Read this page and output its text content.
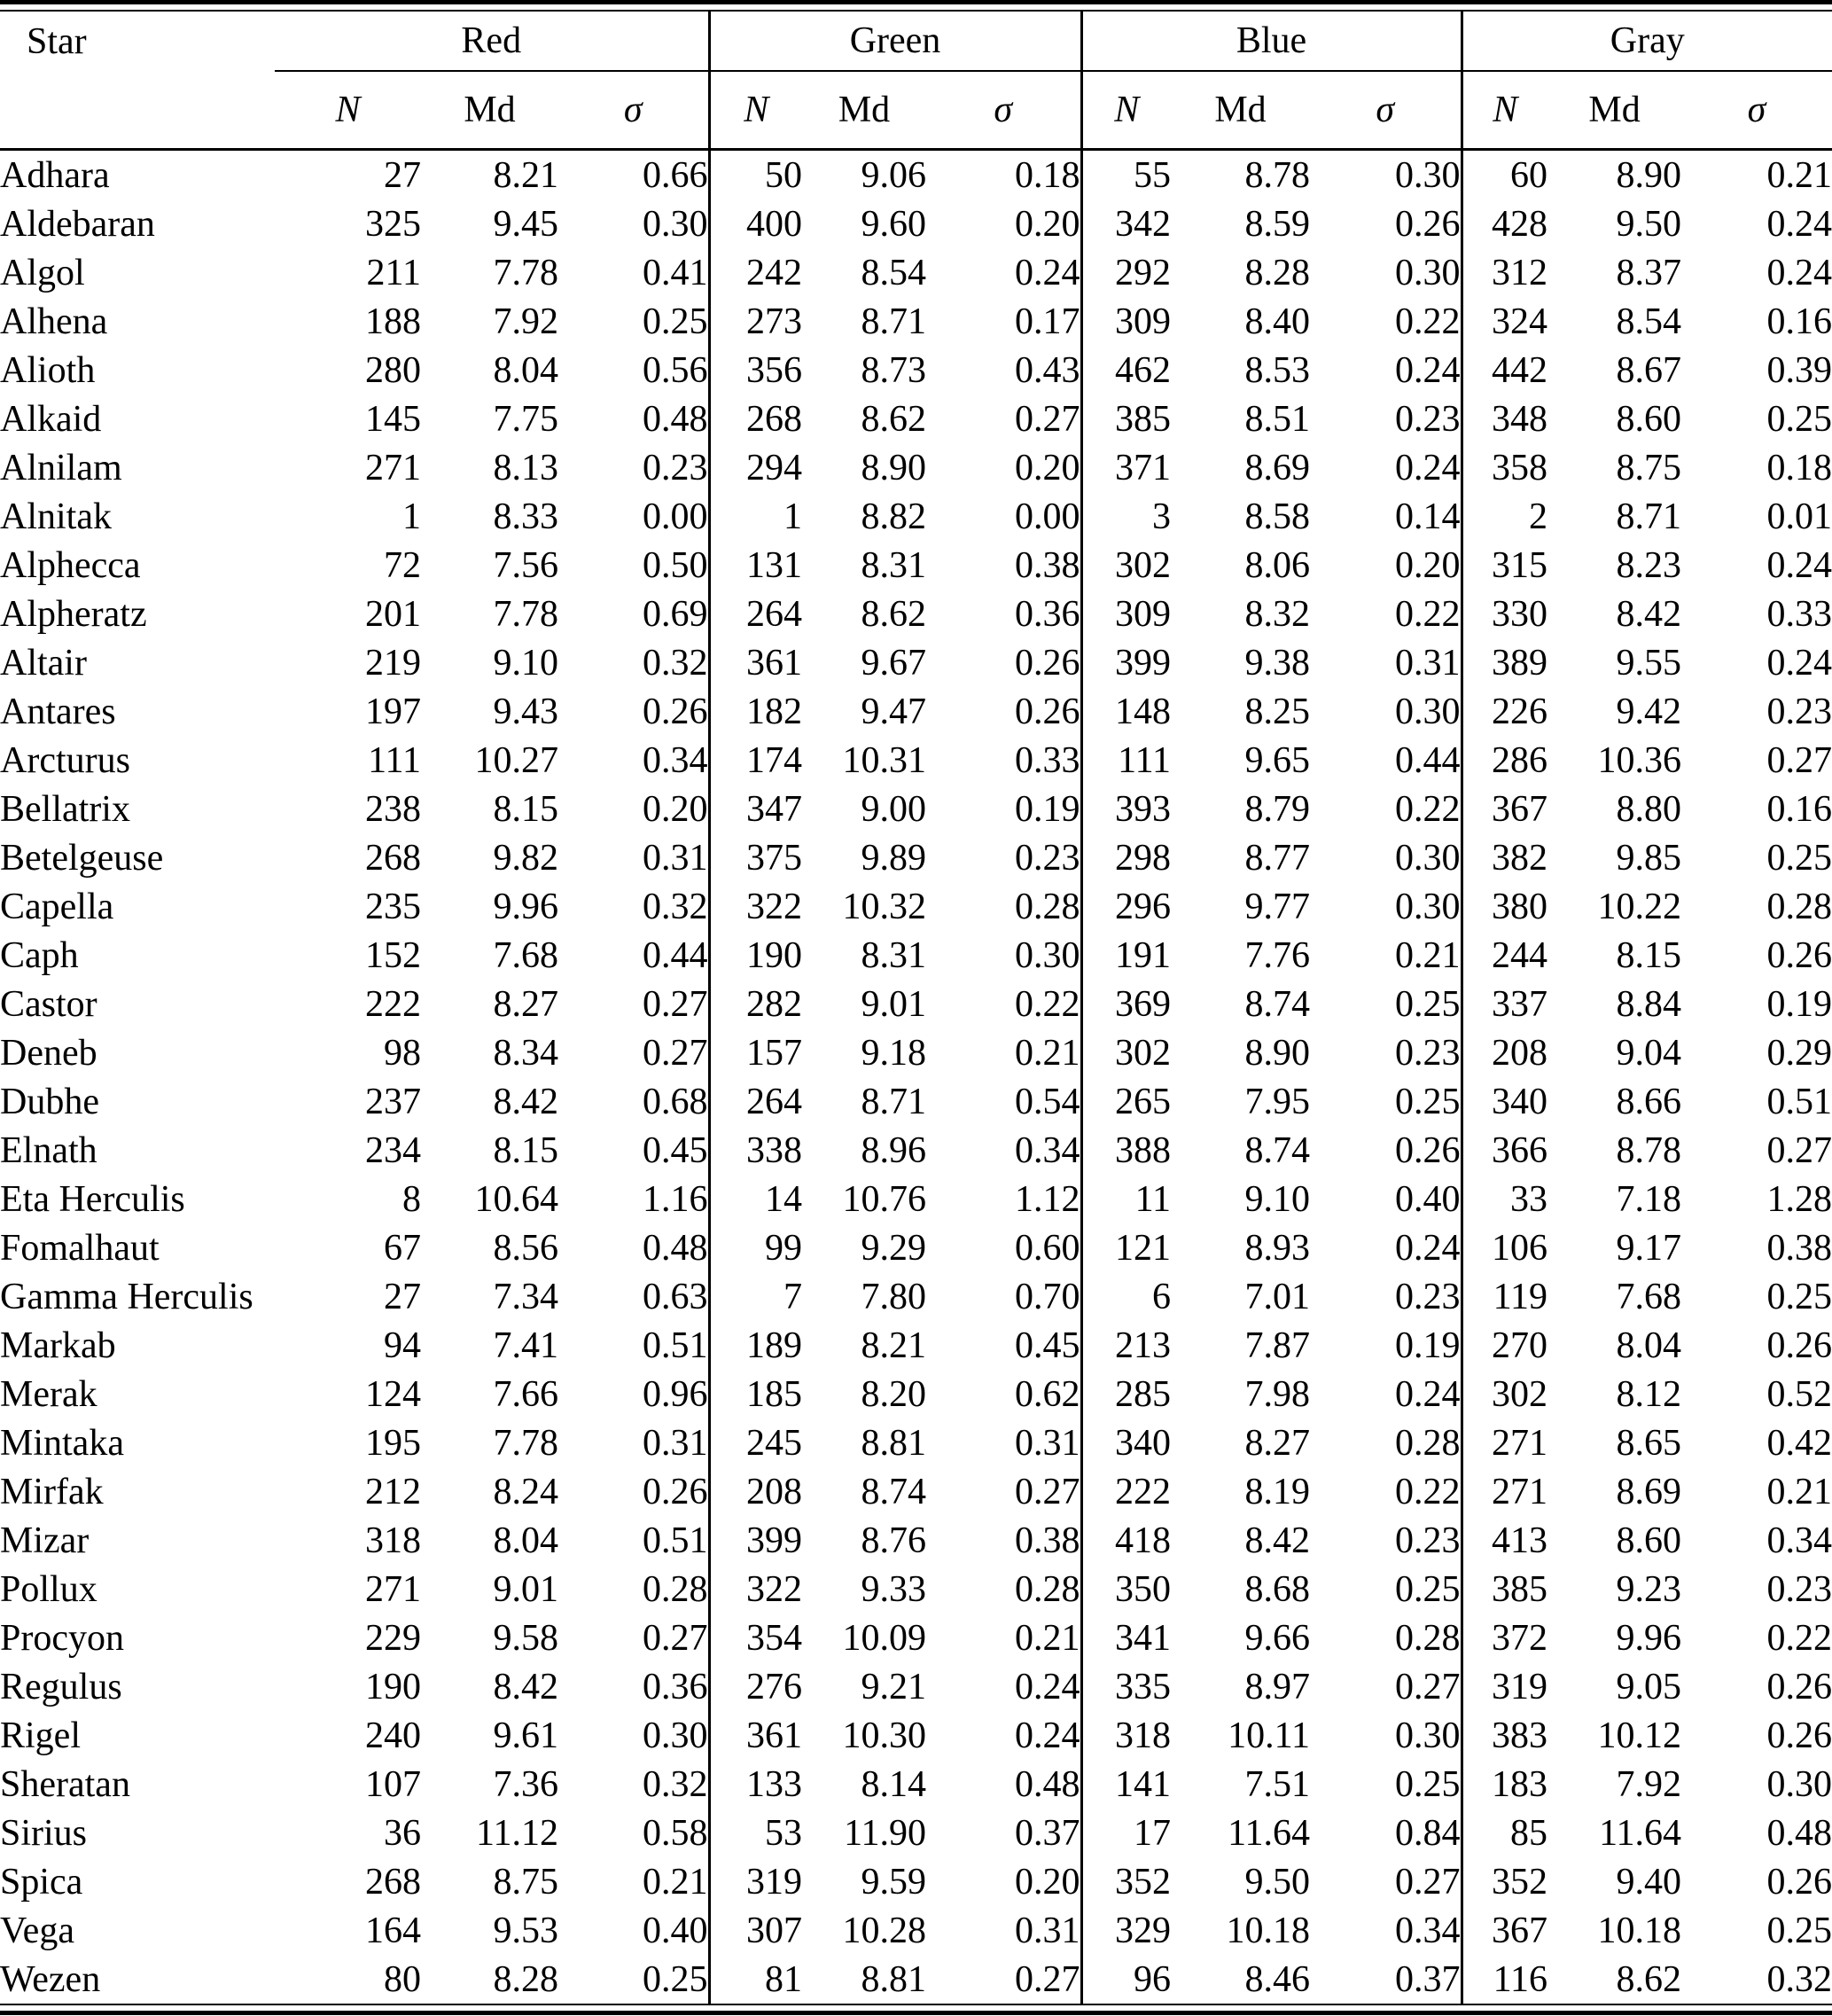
Star	Red			Green			Blue			Gray		
	N	Md	σ	N	Md	σ	N	Md	σ	N	Md	σ
Adhara	27	8.21	0.66	50	9.06	0.18	55	8.78	0.30	60	8.90	0.21
Aldebaran	325	9.45	0.30	400	9.60	0.20	342	8.59	0.26	428	9.50	0.24
Algol	211	7.78	0.41	242	8.54	0.24	292	8.28	0.30	312	8.37	0.24
Alhena	188	7.92	0.25	273	8.71	0.17	309	8.40	0.22	324	8.54	0.16
Alioth	280	8.04	0.56	356	8.73	0.43	462	8.53	0.24	442	8.67	0.39
Alkaid	145	7.75	0.48	268	8.62	0.27	385	8.51	0.23	348	8.60	0.25
Alnilam	271	8.13	0.23	294	8.90	0.20	371	8.69	0.24	358	8.75	0.18
Alnitak	1	8.33	0.00	1	8.82	0.00	3	8.58	0.14	2	8.71	0.01
Alphecca	72	7.56	0.50	131	8.31	0.38	302	8.06	0.20	315	8.23	0.24
Alpheratz	201	7.78	0.69	264	8.62	0.36	309	8.32	0.22	330	8.42	0.33
Altair	219	9.10	0.32	361	9.67	0.26	399	9.38	0.31	389	9.55	0.24
Antares	197	9.43	0.26	182	9.47	0.26	148	8.25	0.30	226	9.42	0.23
Arcturus	111	10.27	0.34	174	10.31	0.33	111	9.65	0.44	286	10.36	0.27
Bellatrix	238	8.15	0.20	347	9.00	0.19	393	8.79	0.22	367	8.80	0.16
Betelgeuse	268	9.82	0.31	375	9.89	0.23	298	8.77	0.30	382	9.85	0.25
Capella	235	9.96	0.32	322	10.32	0.28	296	9.77	0.30	380	10.22	0.28
Caph	152	7.68	0.44	190	8.31	0.30	191	7.76	0.21	244	8.15	0.26
Castor	222	8.27	0.27	282	9.01	0.22	369	8.74	0.25	337	8.84	0.19
Deneb	98	8.34	0.27	157	9.18	0.21	302	8.90	0.23	208	9.04	0.29
Dubhe	237	8.42	0.68	264	8.71	0.54	265	7.95	0.25	340	8.66	0.51
Elnath	234	8.15	0.45	338	8.96	0.34	388	8.74	0.26	366	8.78	0.27
Eta Herculis	8	10.64	1.16	14	10.76	1.12	11	9.10	0.40	33	7.18	1.28
Fomalhaut	67	8.56	0.48	99	9.29	0.60	121	8.93	0.24	106	9.17	0.38
Gamma Herculis	27	7.34	0.63	7	7.80	0.70	6	7.01	0.23	119	7.68	0.25
Markab	94	7.41	0.51	189	8.21	0.45	213	7.87	0.19	270	8.04	0.26
Merak	124	7.66	0.96	185	8.20	0.62	285	7.98	0.24	302	8.12	0.52
Mintaka	195	7.78	0.31	245	8.81	0.31	340	8.27	0.28	271	8.65	0.42
Mirfak	212	8.24	0.26	208	8.74	0.27	222	8.19	0.22	271	8.69	0.21
Mizar	318	8.04	0.51	399	8.76	0.38	418	8.42	0.23	413	8.60	0.34
Pollux	271	9.01	0.28	322	9.33	0.28	350	8.68	0.25	385	9.23	0.23
Procyon	229	9.58	0.27	354	10.09	0.21	341	9.66	0.28	372	9.96	0.22
Regulus	190	8.42	0.36	276	9.21	0.24	335	8.97	0.27	319	9.05	0.26
Rigel	240	9.61	0.30	361	10.30	0.24	318	10.11	0.30	383	10.12	0.26
Sheratan	107	7.36	0.32	133	8.14	0.48	141	7.51	0.25	183	7.92	0.30
Sirius	36	11.12	0.58	53	11.90	0.37	17	11.64	0.84	85	11.64	0.48
Spica	268	8.75	0.21	319	9.59	0.20	352	9.50	0.27	352	9.40	0.26
Vega	164	9.53	0.40	307	10.28	0.31	329	10.18	0.34	367	10.18	0.25
Wezen	80	8.28	0.25	81	8.81	0.27	96	8.46	0.37	116	8.62	0.32
